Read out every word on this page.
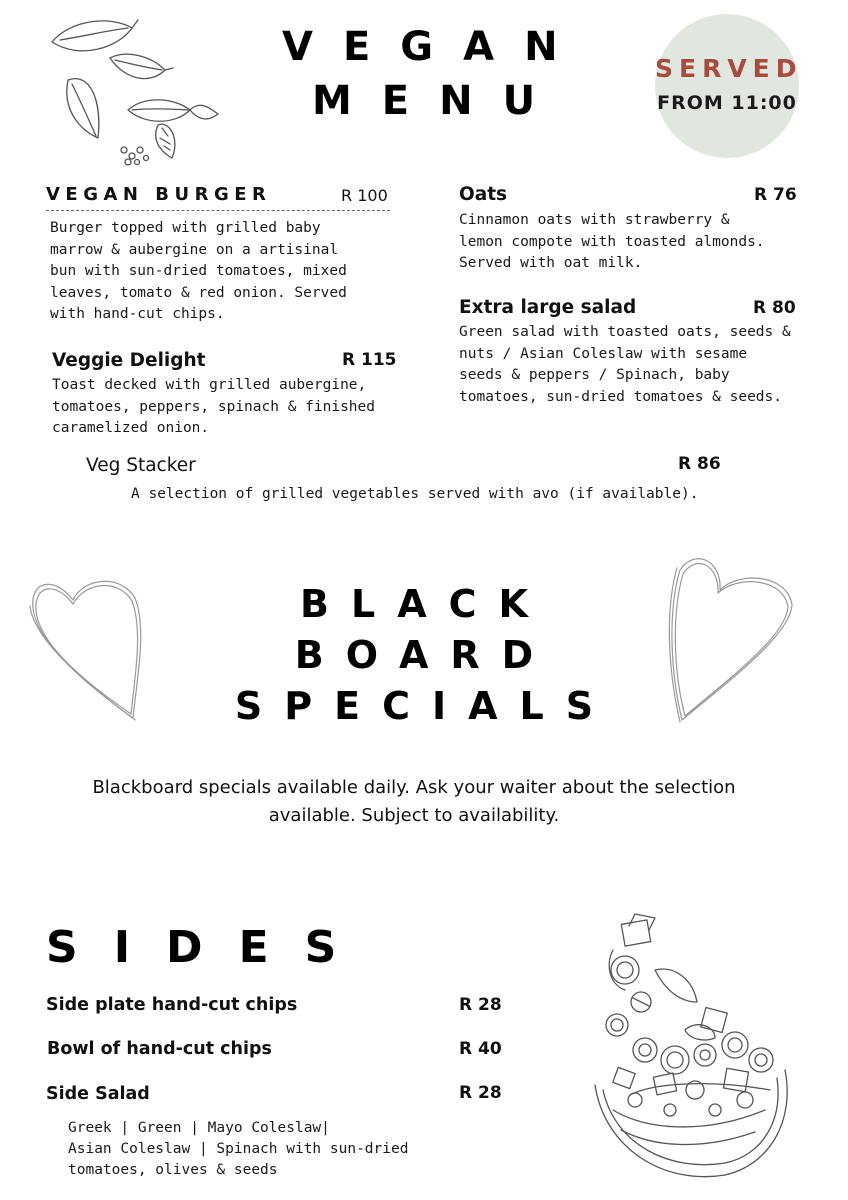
VEGAN
MENU
SERVED
FROM 11:00
VEGAN BURGER	R 100
Burger topped with grilled baby
marrow & aubergine on a artisinal
bun with sun-dried tomatoes, mixed
leaves, tomato & red onion. Served
with hand-cut chips.
Veggie Delight	R 115
Toast decked with grilled aubergine,
tomatoes, peppers, spinach & finished
caramelized onion.
Oats	R 76
Cinnamon oats with strawberry &
lemon compote with toasted almonds.
Served with oat milk.
Extra large salad	R 80
Green salad with toasted oats, seeds &
nuts / Asian Coleslaw with sesame
seeds & peppers / Spinach, baby
tomatoes, sun-dried tomatoes & seeds.
Veg Stacker	R 86
A selection of grilled vegetables served with avo (if available).
BLACK
BOARD
SPECIALS
Blackboard specials available daily. Ask your waiter about the selection
available. Subject to availability.
SIDES
Side plate hand-cut chips	R 28
Bowl of hand-cut chips	R 40
Side Salad	R 28
Greek | Green | Mayo Coleslaw|
Asian Coleslaw | Spinach with sun-dried
tomatoes, olives & seeds
